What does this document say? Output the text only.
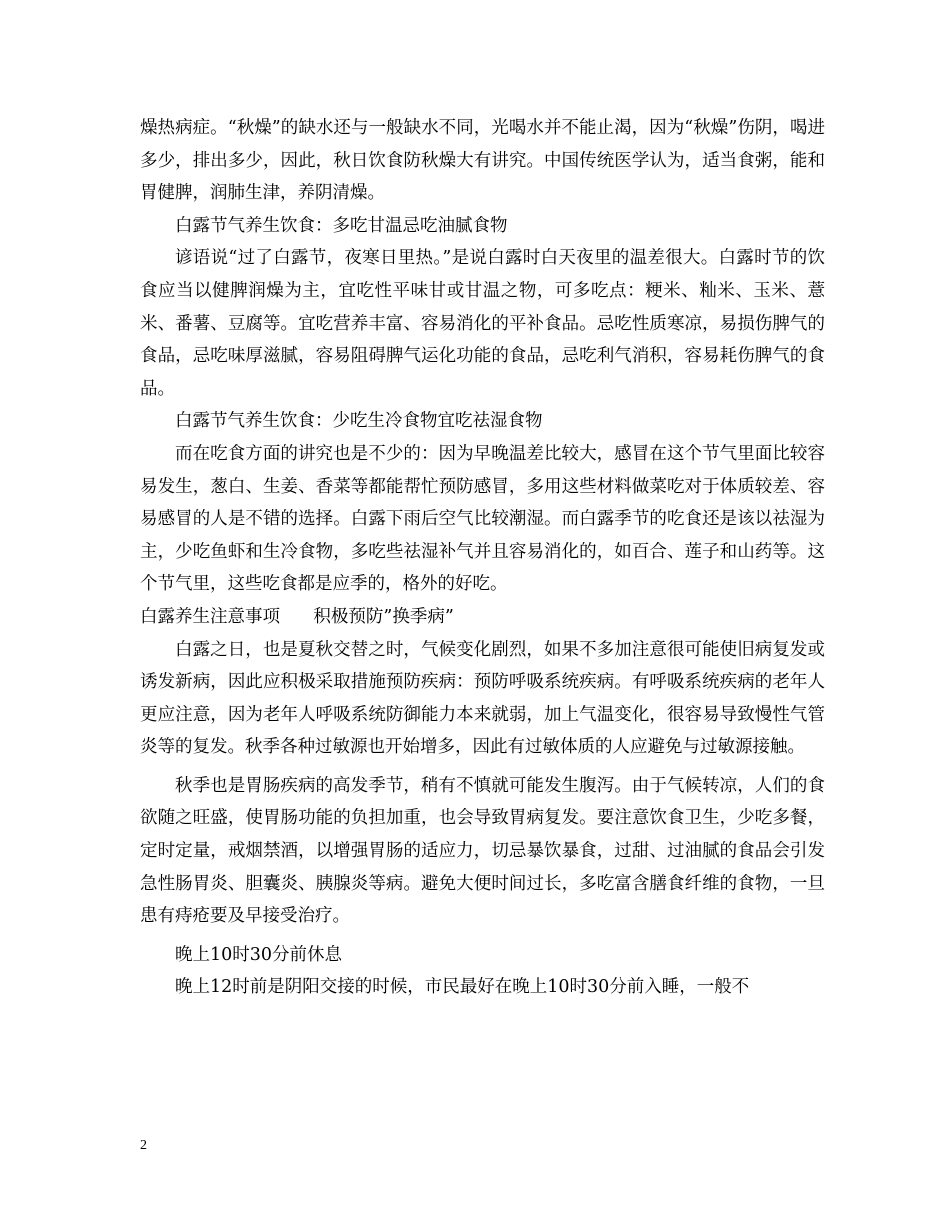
燥热病症。“秋燥”的缺水还与一般缺水不同，光喝水并不能止渴，因为“秋燥”伤阴，喝进多少，排出多少，因此，秋日饮食防秋燥大有讲究。中国传统医学认为，适当食粥，能和胃健脾，润肺生津，养阴清燥。

白露节气养生饮食：多吃甘温忌吃油腻食物

谚语说“过了白露节，夜寒日里热。”是说白露时白天夜里的温差很大。白露时节的饮食应当以健脾润燥为主，宜吃性平味甘或甘温之物，可多吃点：粳米、籼米、玉米、薏米、番薯、豆腐等。宜吃营养丰富、容易消化的平补食品。忌吃性质寒凉，易损伤脾气的食品，忌吃味厚滋腻，容易阻碍脾气运化功能的食品，忌吃利气消积，容易耗伤脾气的食品。

白露节气养生饮食：少吃生冷食物宜吃祛湿食物

而在吃食方面的讲究也是不少的：因为早晚温差比较大，感冒在这个节气里面比较容易发生，葱白、生姜、香菜等都能帮忙预防感冒，多用这些材料做菜吃对于体质较差、容易感冒的人是不错的选择。白露下雨后空气比较潮湿。而白露季节的吃食还是该以祛湿为主，少吃鱼虾和生冷食物，多吃些祛湿补气并且容易消化的，如百合、莲子和山药等。这个节气里，这些吃食都是应季的，格外的好吃。

白露养生注意事项      积极预防”换季病”

白露之日，也是夏秋交替之时，气候变化剧烈，如果不多加注意很可能使旧病复发或诱发新病，因此应积极采取措施预防疾病：预防呼吸系统疾病。有呼吸系统疾病的老年人更应注意，因为老年人呼吸系统防御能力本来就弱，加上气温变化，很容易导致慢性气管炎等的复发。秋季各种过敏源也开始增多，因此有过敏体质的人应避免与过敏源接触。

秋季也是胃肠疾病的高发季节，稍有不慎就可能发生腹泻。由于气候转凉，人们的食欲随之旺盛，使胃肠功能的负担加重，也会导致胃病复发。要注意饮食卫生，少吃多餐，定时定量，戒烟禁酒，以增强胃肠的适应力，切忌暴饮暴食，过甜、过油腻的食品会引发急性肠胃炎、胆囊炎、胰腺炎等病。避免大便时间过长，多吃富含膳食纤维的食物，一旦患有痔疮要及早接受治疗。

晚上10时30分前休息

晚上12时前是阴阳交接的时候，市民最好在晚上10时30分前入睡，一般不

2
